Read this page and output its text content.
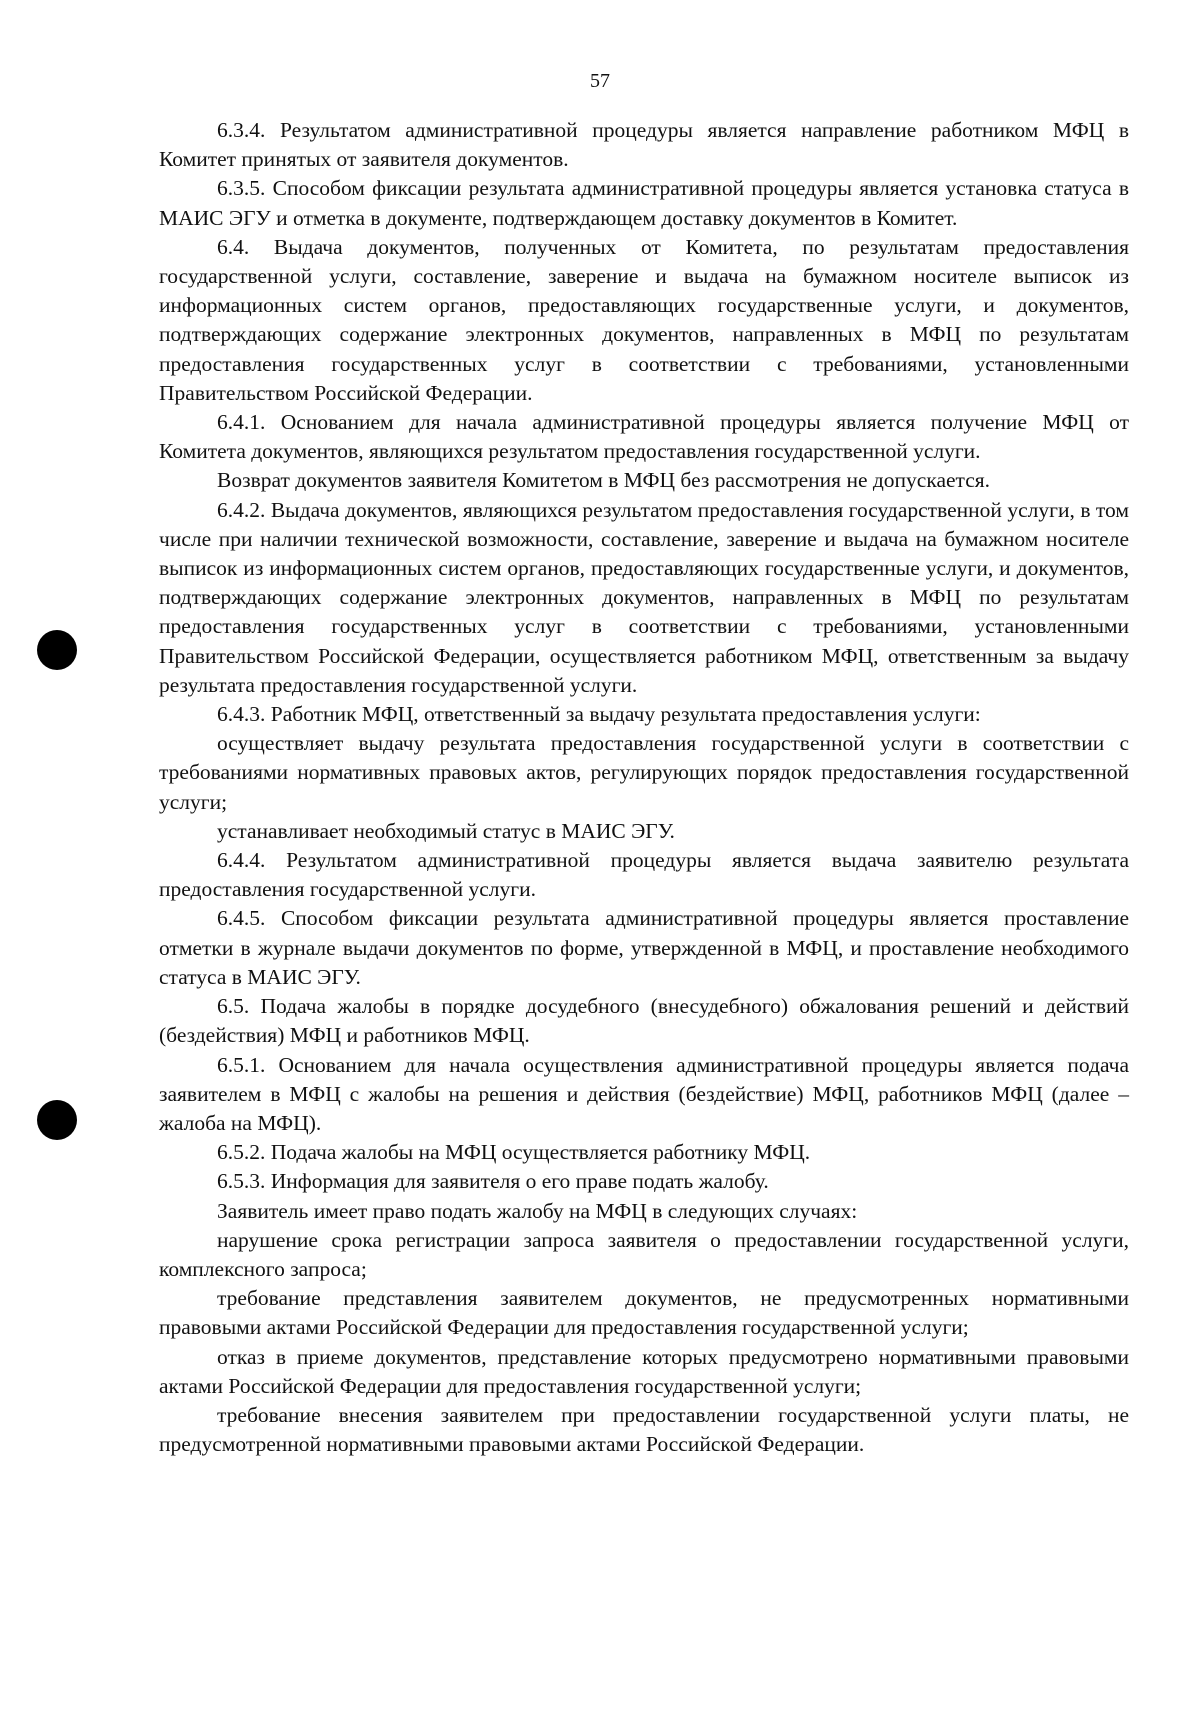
57

6.3.4. Результатом административной процедуры является направление работником МФЦ в Комитет принятых от заявителя документов.

6.3.5. Способом фиксации результата административной процедуры является установка статуса в МАИС ЭГУ и отметка в документе, подтверждающем доставку документов в Комитет.

6.4. Выдача документов, полученных от Комитета, по результатам предоставления государственной услуги, составление, заверение и выдача на бумажном носителе выписок из информационных систем органов, предоставляющих государственные услуги, и документов, подтверждающих содержание электронных документов, направленных в МФЦ по результатам предоставления государственных услуг в соответствии с требованиями, установленными Правительством Российской Федерации.

6.4.1. Основанием для начала административной процедуры является получение МФЦ от Комитета документов, являющихся результатом предоставления государственной услуги.

Возврат документов заявителя Комитетом в МФЦ без рассмотрения не допускается.

6.4.2. Выдача документов, являющихся результатом предоставления государственной услуги, в том числе при наличии технической возможности, составление, заверение и выдача на бумажном носителе выписок из информационных систем органов, предоставляющих государственные услуги, и документов, подтверждающих содержание электронных документов, направленных в МФЦ по результатам предоставления государственных услуг в соответствии с требованиями, установленными Правительством Российской Федерации, осуществляется работником МФЦ, ответственным за выдачу результата предоставления государственной услуги.

6.4.3. Работник МФЦ, ответственный за выдачу результата предоставления услуги:

осуществляет выдачу результата предоставления государственной услуги в соответствии с требованиями нормативных правовых актов, регулирующих порядок предоставления государственной услуги;

устанавливает необходимый статус в МАИС ЭГУ.

6.4.4. Результатом административной процедуры является выдача заявителю результата предоставления государственной услуги.

6.4.5. Способом фиксации результата административной процедуры является проставление отметки в журнале выдачи документов по форме, утвержденной в МФЦ, и проставление необходимого статуса в МАИС ЭГУ.

6.5. Подача жалобы в порядке досудебного (внесудебного) обжалования решений и действий (бездействия) МФЦ и работников МФЦ.

6.5.1. Основанием для начала осуществления административной процедуры является подача заявителем в МФЦ с жалобы на решения и действия (бездействие) МФЦ, работников МФЦ (далее – жалоба на МФЦ).

6.5.2. Подача жалобы на МФЦ осуществляется работнику МФЦ.

6.5.3. Информация для заявителя о его праве подать жалобу.

Заявитель имеет право подать жалобу на МФЦ в следующих случаях:

нарушение срока регистрации запроса заявителя о предоставлении государственной услуги, комплексного запроса;

требование представления заявителем документов, не предусмотренных нормативными правовыми актами Российской Федерации для предоставления государственной услуги;

отказ в приеме документов, представление которых предусмотрено нормативными правовыми актами Российской Федерации для предоставления государственной услуги;

требование внесения заявителем при предоставлении государственной услуги платы, не предусмотренной нормативными правовыми актами Российской Федерации.
